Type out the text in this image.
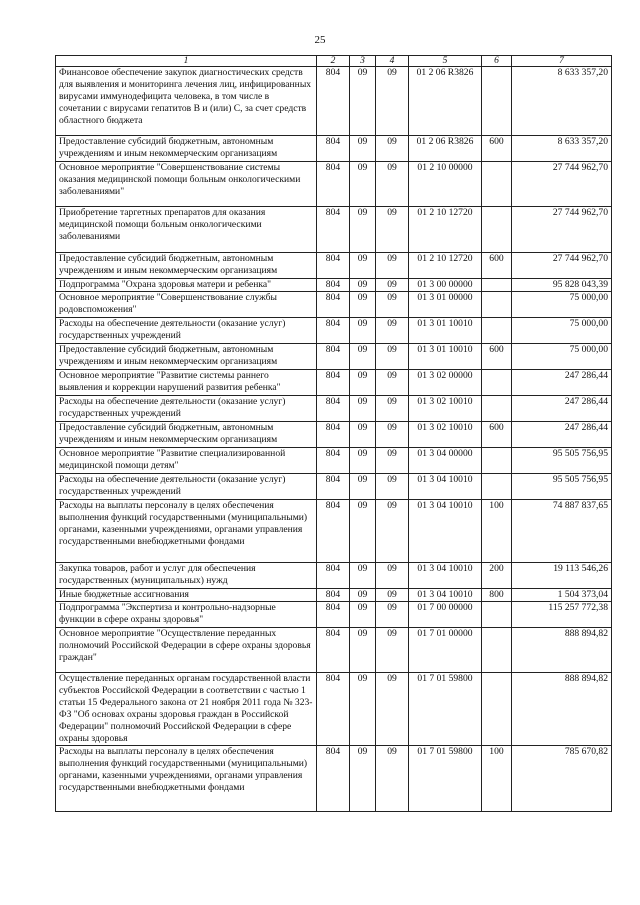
25
1	2	3	4	5	6	7
Финансовое обеспечение закупок диагностических средств для выявления и мониторинга лечения лиц, инфицированных вирусами иммунодефицита человека, в том числе в сочетании с вирусами гепатитов В и (или) С, за счет средств областного бюджета	804	09	09	01 2 06 R3826		8 633 357,20
Предоставление субсидий бюджетным, автономным учреждениям и иным некоммерческим организациям	804	09	09	01 2 06 R3826	600	8 633 357,20
Основное мероприятие "Совершенствование системы оказания медицинской помощи больным онкологическими заболеваниями"	804	09	09	01 2 10 00000		27 744 962,70
Приобретение таргетных препаратов для оказания медицинской помощи больным онкологическими заболеваниями	804	09	09	01 2 10 12720		27 744 962,70
Предоставление субсидий бюджетным, автономным учреждениям и иным некоммерческим организациям	804	09	09	01 2 10 12720	600	27 744 962,70
Подпрограмма "Охрана здоровья матери и ребенка"	804	09	09	01 3 00 00000		95 828 043,39
Основное мероприятие "Совершенствование службы родовспоможения"	804	09	09	01 3 01 00000		75 000,00
Расходы на обеспечение деятельности (оказание услуг) государственных учреждений	804	09	09	01 3 01 10010		75 000,00
Предоставление субсидий бюджетным, автономным учреждениям и иным некоммерческим организациям	804	09	09	01 3 01 10010	600	75 000,00
Основное мероприятие "Развитие системы раннего выявления и коррекции нарушений развития ребенка"	804	09	09	01 3 02 00000		247 286,44
Расходы на обеспечение деятельности (оказание услуг) государственных учреждений	804	09	09	01 3 02 10010		247 286,44
Предоставление субсидий бюджетным, автономным учреждениям и иным некоммерческим организациям	804	09	09	01 3 02 10010	600	247 286,44
Основное мероприятие "Развитие специализированной медицинской помощи детям"	804	09	09	01 3 04 00000		95 505 756,95
Расходы на обеспечение деятельности (оказание услуг) государственных учреждений	804	09	09	01 3 04 10010		95 505 756,95
Расходы на выплаты персоналу в целях обеспечения выполнения функций государственными (муниципальными) органами, казенными учреждениями, органами управления государственными внебюджетными фондами	804	09	09	01 3 04 10010	100	74 887 837,65
Закупка товаров, работ и услуг для обеспечения государственных (муниципальных) нужд	804	09	09	01 3 04 10010	200	19 113 546,26
Иные бюджетные ассигнования	804	09	09	01 3 04 10010	800	1 504 373,04
Подпрограмма "Экспертиза и контрольно-надзорные функции в сфере охраны здоровья"	804	09	09	01 7 00 00000		115 257 772,38
Основное мероприятие "Осуществление переданных полномочий Российской Федерации в сфере охраны здоровья граждан"	804	09	09	01 7 01 00000		888 894,82
Осуществление переданных органам государственной власти субъектов Российской Федерации в соответствии с частью 1 статьи 15 Федерального закона от 21 ноября 2011 года № 323-ФЗ "Об основах охраны здоровья граждан в Российской Федерации" полномочий Российской Федерации в сфере охраны здоровья	804	09	09	01 7 01 59800		888 894,82
Расходы на выплаты персоналу в целях обеспечения выполнения функций государственными (муниципальными) органами, казенными учреждениями, органами управления государственными внебюджетными фондами	804	09	09	01 7 01 59800	100	785 670,82
